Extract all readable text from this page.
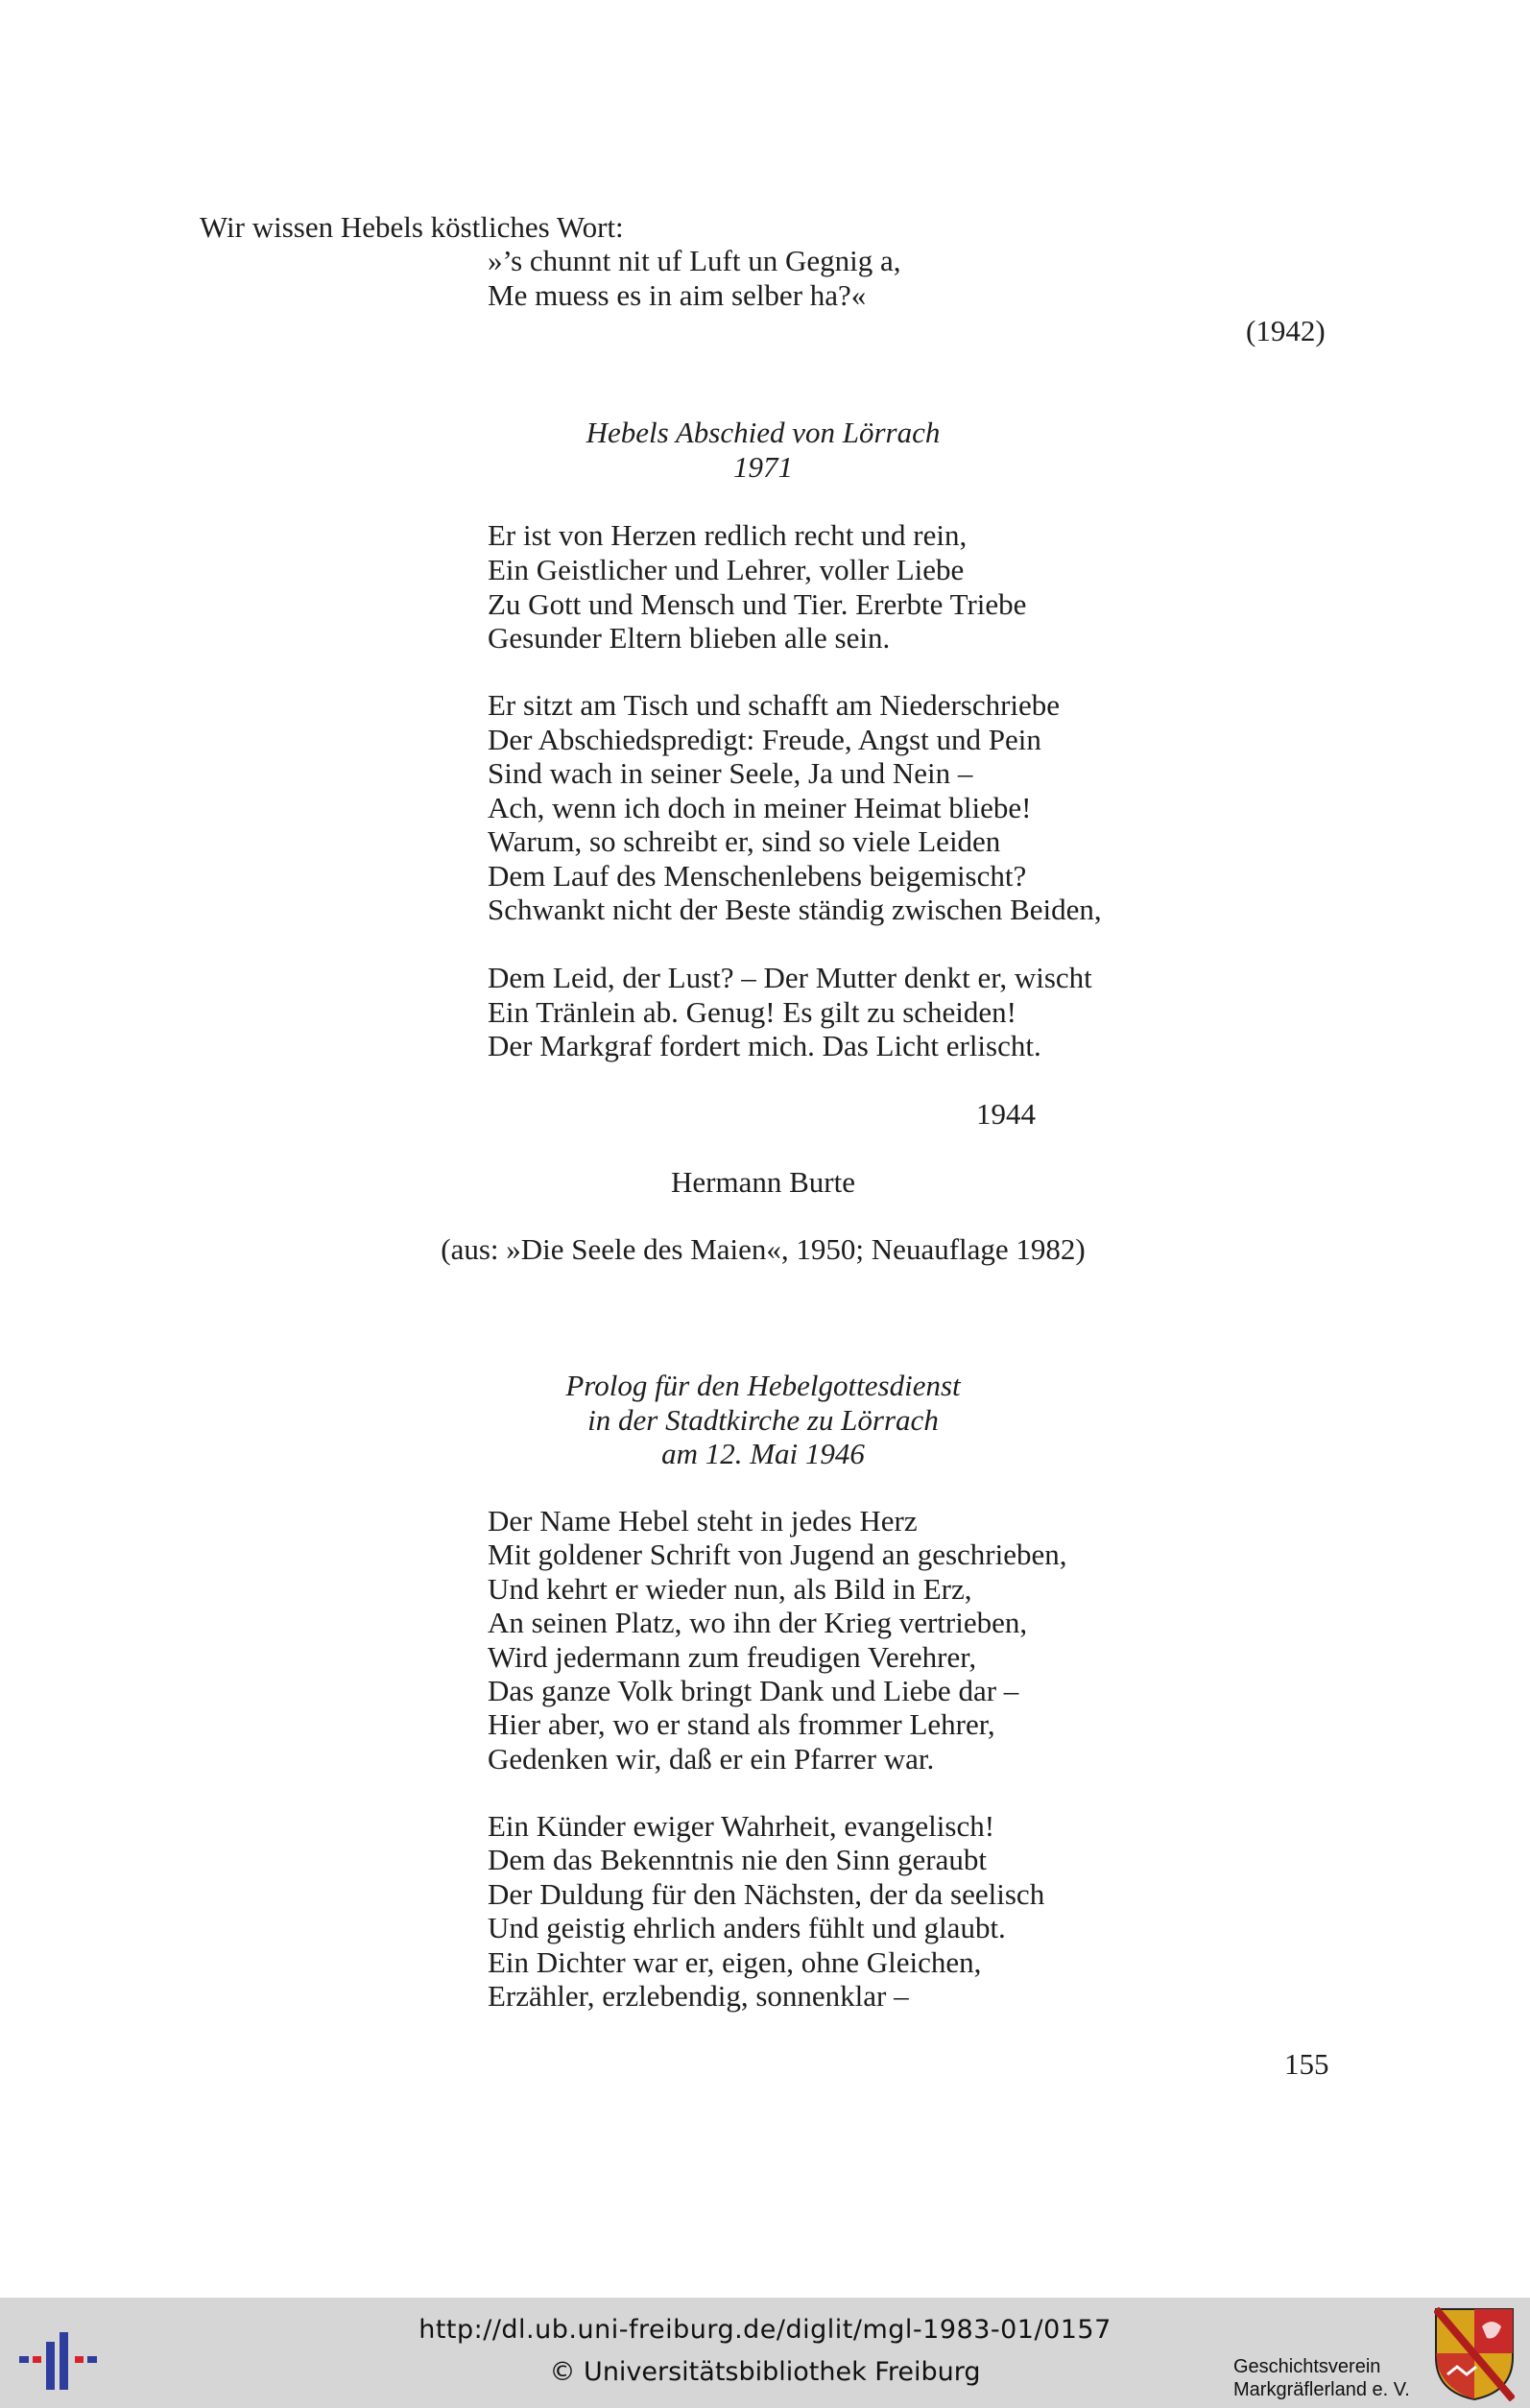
Wir wissen Hebels köstliches Wort:
»’s chunnt nit uf Luft un Gegnig a,
Me muess es in aim selber ha?«
(1942)
Hebels Abschied von Lörrach
1971
Er ist von Herzen redlich recht und rein,
Ein Geistlicher und Lehrer, voller Liebe
Zu Gott und Mensch und Tier. Ererbte Triebe
Gesunder Eltern blieben alle sein.
Er sitzt am Tisch und schafft am Niederschriebe
Der Abschiedspredigt: Freude, Angst und Pein
Sind wach in seiner Seele, Ja und Nein –
Ach, wenn ich doch in meiner Heimat bliebe!
Warum, so schreibt er, sind so viele Leiden
Dem Lauf des Menschenlebens beigemischt?
Schwankt nicht der Beste ständig zwischen Beiden,
Dem Leid, der Lust? – Der Mutter denkt er, wischt
Ein Tränlein ab. Genug! Es gilt zu scheiden!
Der Markgraf fordert mich. Das Licht erlischt.
1944
Hermann Burte
(aus: »Die Seele des Maien«, 1950; Neuauflage 1982)
Prolog für den Hebelgottesdienst
in der Stadtkirche zu Lörrach
am 12. Mai 1946
Der Name Hebel steht in jedes Herz
Mit goldener Schrift von Jugend an geschrieben,
Und kehrt er wieder nun, als Bild in Erz,
An seinen Platz, wo ihn der Krieg vertrieben,
Wird jedermann zum freudigen Verehrer,
Das ganze Volk bringt Dank und Liebe dar –
Hier aber, wo er stand als frommer Lehrer,
Gedenken wir, daß er ein Pfarrer war.
Ein Künder ewiger Wahrheit, evangelisch!
Dem das Bekenntnis nie den Sinn geraubt
Der Duldung für den Nächsten, der da seelisch
Und geistig ehrlich anders fühlt und glaubt.
Ein Dichter war er, eigen, ohne Gleichen,
Erzähler, erzlebendig, sonnenklar –
155
http://dl.ub.uni-freiburg.de/diglit/mgl-1983-01/0157
© Universitätsbibliothek Freiburg	Geschichtsverein
Markgräflerland e. V.
